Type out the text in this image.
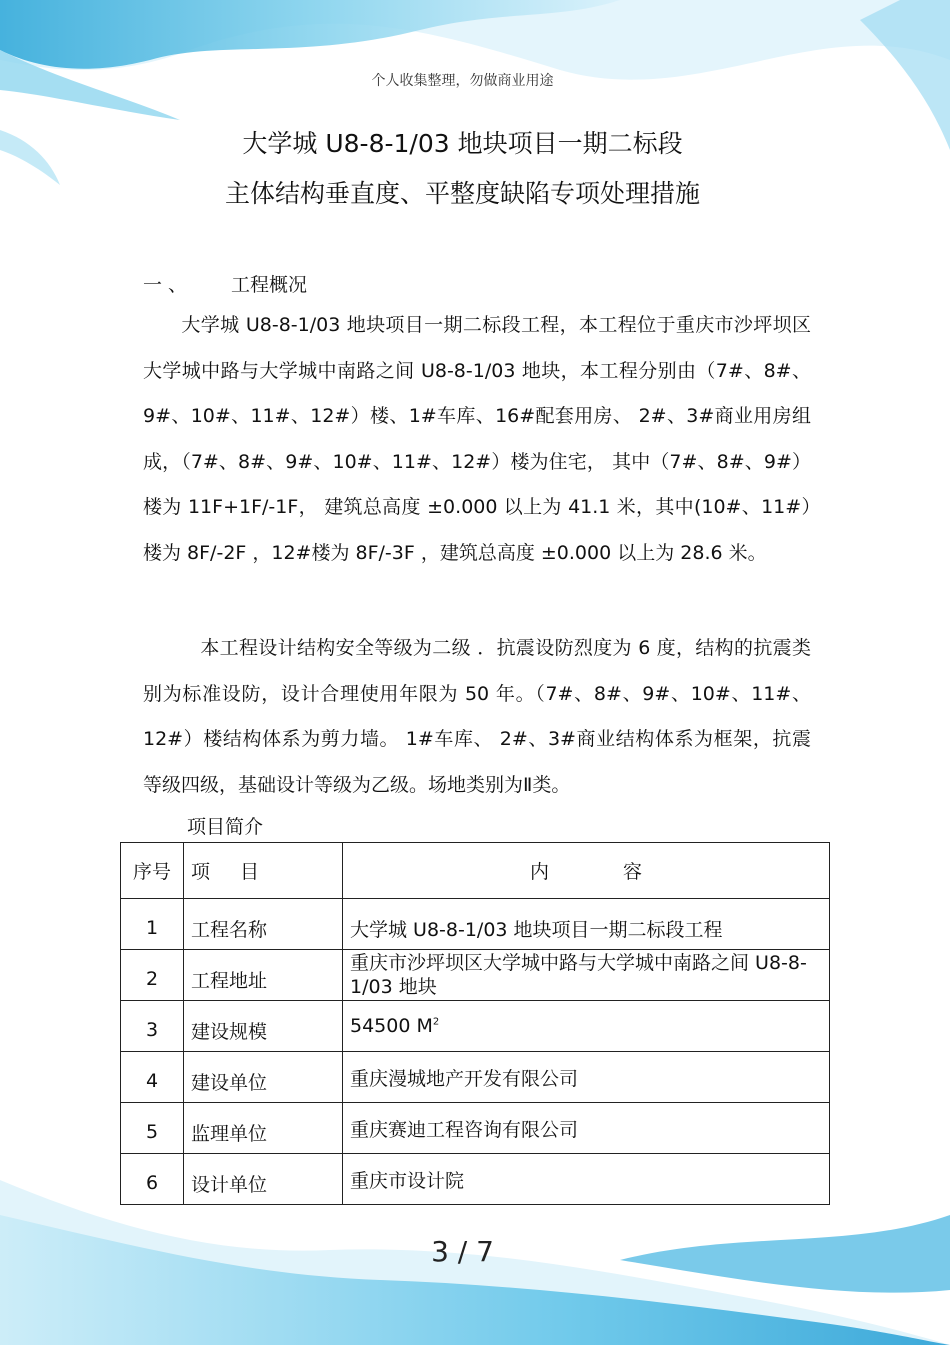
个人收集整理，勿做商业用途
大学城 U8-8-1/03 地块项目一期二标段
主体结构垂直度、平整度缺陷专项处理措施
一 、 工程概况

大学城 U8-8-1/03 地块项目一期二标段工程，本工程位于重庆市沙坪坝区大学城中路与大学城中南路之间 U8-8-1/03 地块，本工程分别由（7#、8#、9#、10#、11#、12#）楼、1#车库、16#配套用房、 2#、3#商业用房组成，（7#、8#、9#、10#、11#、12#）楼为住宅， 其中（7#、8#、9#）楼为 11F+1F/-1F， 建筑总高度 ±0.000 以上为 41.1 米，其中(10#、11#）楼为 8F/-2F ，12#楼为 8F/-3F ，建筑总高度 ±0.000 以上为 28.6 米。

本工程设计结构安全等级为二级 ．抗震设防烈度为 6 度，结构的抗震类别为标准设防，设计合理使用年限为 50 年。（7#、8#、9#、10#、11#、12#）楼结构体系为剪力墙。 1#车库、 2#、3#商业结构体系为框架，抗震等级四级，基础设计等级为乙级。场地类别为Ⅱ类。

项目简介
序号	项 目	内 容

1	工程名称	大学城 U8-8-1/03 地块项目一期二标段工程

2	工程地址	重庆市沙坪坝区大学城中路与大学城中南路之间 U8-8-1/03 地块

3	建设规模	54500 $M^2$

4	建设单位	重庆漫城地产开发有限公司

5	监理单位	重庆赛迪工程咨询有限公司

6	设计单位	重庆市设计院
3 / 7
